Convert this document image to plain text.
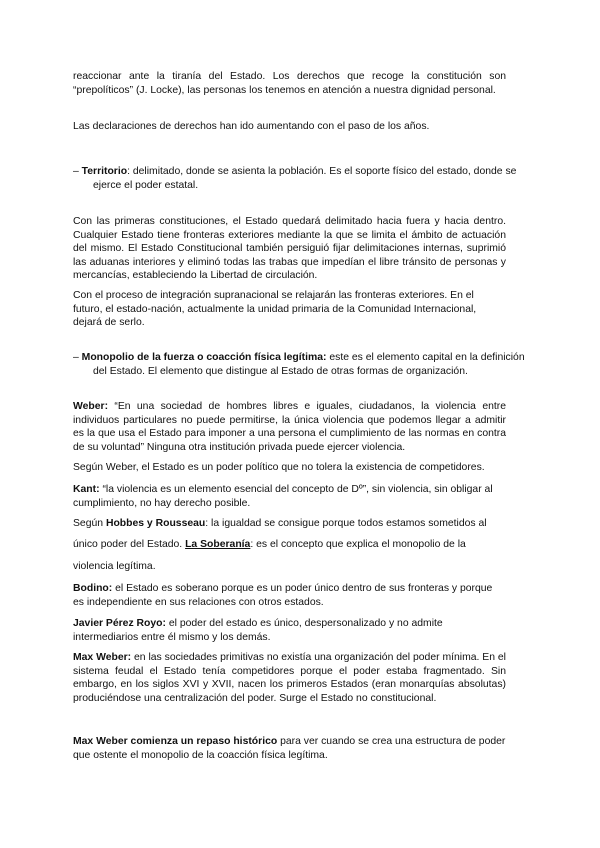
reaccionar ante la tiranía del Estado. Los derechos que recoge la constitución son “prepolíticos” (J. Locke), las personas los tenemos en atención a nuestra dignidad personal.

Las declaraciones de derechos han ido aumentando con el paso de los años.

– Territorio: delimitado, donde se asienta la población. Es el soporte físico del estado, donde se ejerce el poder estatal.

Con las primeras constituciones, el Estado quedará delimitado hacia fuera y hacia dentro. Cualquier Estado tiene fronteras exteriores mediante la que se limita el ámbito de actuación del mismo. El Estado Constitucional también persiguió fijar delimitaciones internas, suprimió las aduanas interiores y eliminó todas las trabas que impedían el libre tránsito de personas y mercancías, estableciendo la Libertad de circulación.

Con el proceso de integración supranacional se relajarán las fronteras exteriores. En el futuro, el estado-nación, actualmente la unidad primaria de la Comunidad Internacional, dejará de serlo.

– Monopolio de la fuerza o coacción física legítima: este es el elemento capital en la definición del Estado. El elemento que distingue al Estado de otras formas de organización.

Weber: “En una sociedad de hombres libres e iguales, ciudadanos, la violencia entre individuos particulares no puede permitirse, la única violencia que podemos llegar a admitir es la que usa el Estado para imponer a una persona el cumplimiento de las normas en contra de su voluntad” Ninguna otra institución privada puede ejercer violencia.

Según Weber, el Estado es un poder político que no tolera la existencia de competidores.

Kant: “la violencia es un elemento esencial del concepto de Dº”, sin violencia, sin obligar al cumplimiento, no hay derecho posible.

Según Hobbes y Rousseau: la igualdad se consigue porque todos estamos sometidos al

único poder del Estado. La Soberanía: es el concepto que explica el monopolio de la

violencia legítima.

Bodino: el Estado es soberano porque es un poder único dentro de sus fronteras y porque es independiente en sus relaciones con otros estados.

Javier Pérez Royo: el poder del estado es único, despersonalizado y no admite intermediarios entre él mismo y los demás.

Max Weber: en las sociedades primitivas no existía una organización del poder mínima. En el sistema feudal el Estado tenía competidores porque el poder estaba fragmentado. Sin embargo, en los siglos XVI y XVII, nacen los primeros Estados (eran monarquías absolutas) produciéndose una centralización del poder. Surge el Estado no constitucional.

Max Weber comienza un repaso histórico para ver cuando se crea una estructura de poder que ostente el monopolio de la coacción física legítima.
